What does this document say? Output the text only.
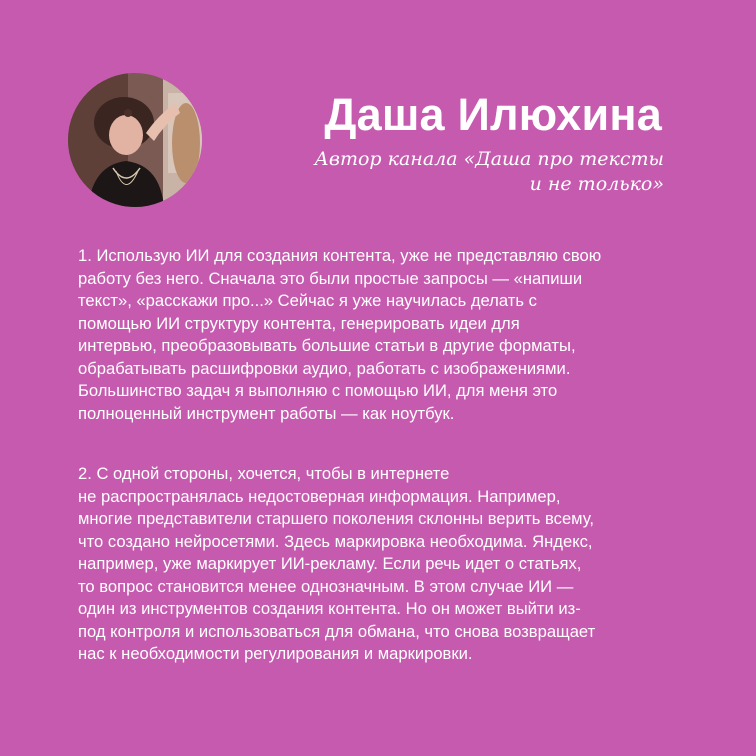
Даша Илюхина
Автор канала «Даша про тексты
и не только»

1. Использую ИИ для создания контента, уже не представляю свою
работу без него. Сначала это были простые запросы — «напиши
текст», «расскажи про...» Сейчас я уже научилась делать с
помощью ИИ структуру контента, генерировать идеи для
интервью, преобразовывать большие статьи в другие форматы,
обрабатывать расшифровки аудио, работать с изображениями.
Большинство задач я выполняю с помощью ИИ, для меня это
полноценный инструмент работы — как ноутбук.

2. С одной стороны, хочется, чтобы в интернете
не распространялась недостоверная информация. Например,
многие представители старшего поколения склонны верить всему,
что создано нейросетями. Здесь маркировка необходима. Яндекс,
например, уже маркирует ИИ-рекламу. Если речь идет о статьях,
то вопрос становится менее однозначным. В этом случае ИИ —
один из инструментов создания контента. Но он может выйти из-
под контроля и использоваться для обмана, что снова возвращает
нас к необходимости регулирования и маркировки.
